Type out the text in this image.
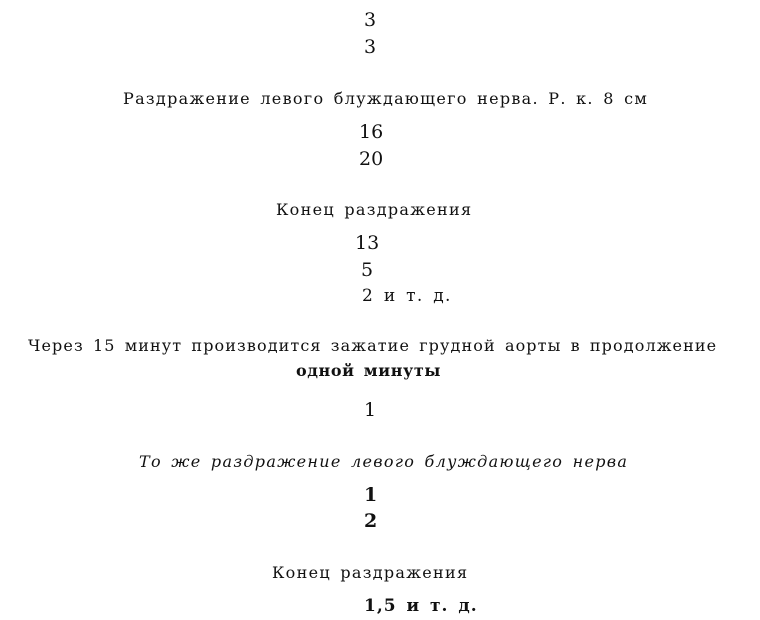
3
3
Раздражение левого блуждающего нерва. Р. к. 8 см
16
20
Конец раздражения
13
5
2 и т. д.
Через 15 минут производится зажатие грудной аорты в продолжение
одной минуты
1
То же раздражение левого блуждающего нерва
1
2
Конец раздражения
1,5 и т. д.
